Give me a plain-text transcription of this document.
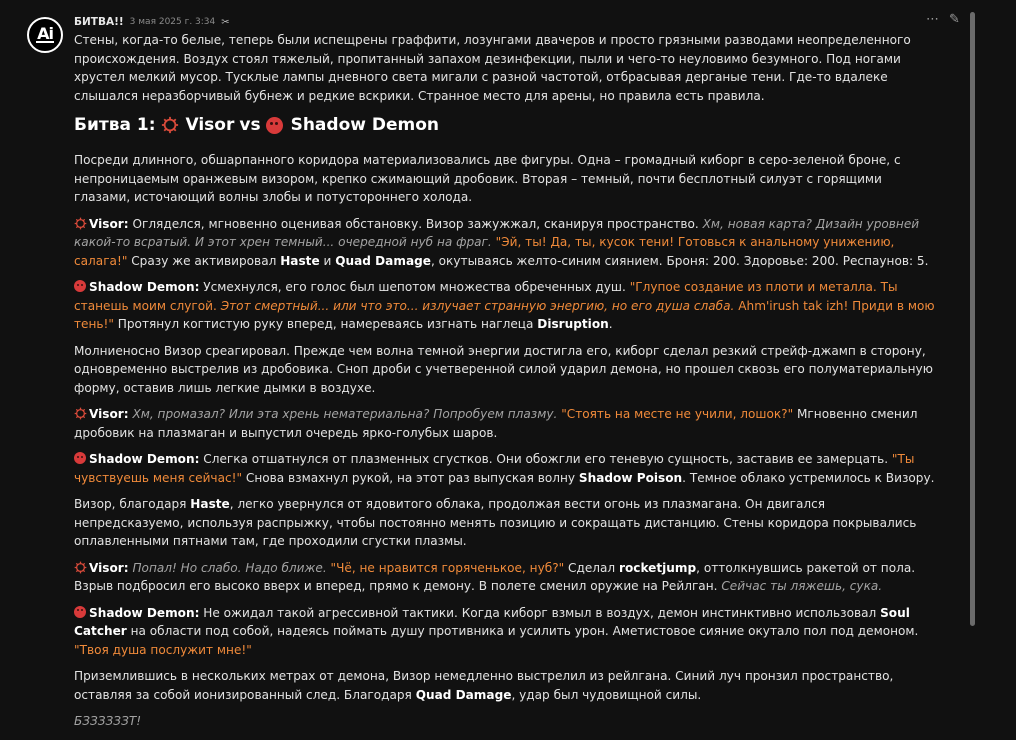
Ai
⋯ ✎
БИТВА!! 3 мая 2025 г. 3:34 ✂

Стены, когда-то белые, теперь были испещрены граффити, лозунгами двачеров и просто грязными разводами неопределенного происхождения. Воздух стоял тяжелый, пропитанный запахом дезинфекции, пыли и чего-то неуловимо безумного. Под ногами хрустел мелкий мусор. Тусклые лампы дневного света мигали с разной частотой, отбрасывая дерганые тени. Где-то вдалеке слышался неразборчивый бубнеж и редкие вскрики. Странное место для арены, но правила есть правила.

Битва 1: Visor vs Shadow Demon

Посреди длинного, обшарпанного коридора материализовались две фигуры. Одна – громадный киборг в серо-зеленой броне, с непроницаемым оранжевым визором, крепко сжимающий дробовик. Вторая – темный, почти бесплотный силуэт с горящими глазами, источающий волны злобы и потустороннего холода.

Visor: Огляделся, мгновенно оценивая обстановку. Визор зажужжал, сканируя пространство. Хм, новая карта? Дизайн уровней какой-то всратый. И этот хрен темный... очередной нуб на фраг. "Эй, ты! Да, ты, кусок тени! Готовься к анальному унижению, салага!" Сразу же активировал Haste и Quad Damage, окутываясь желто-синим сиянием. Броня: 200. Здоровье: 200. Респаунов: 5.

Shadow Demon: Усмехнулся, его голос был шепотом множества обреченных душ. "Глупое создание из плоти и металла. Ты станешь моим слугой. Этот смертный... или что это... излучает странную энергию, но его душа слаба. Ahm'irush tak izh! Приди в мою тень!" Протянул когтистую руку вперед, намереваясь изгнать наглеца Disruption.

Молниеносно Визор среагировал. Прежде чем волна темной энергии достигла его, киборг сделал резкий стрейф-джамп в сторону, одновременно выстрелив из дробовика. Сноп дроби с учетверенной силой ударил демона, но прошел сквозь его полуматериальную форму, оставив лишь легкие дымки в воздухе.

Visor: Хм, промазал? Или эта хрень нематериальна? Попробуем плазму. "Стоять на месте не учили, лошок?" Мгновенно сменил дробовик на плазмаган и выпустил очередь ярко-голубых шаров.

Shadow Demon: Слегка отшатнулся от плазменных сгустков. Они обожгли его теневую сущность, заставив ее замерцать. "Ты чувствуешь меня сейчас!" Снова взмахнул рукой, на этот раз выпуская волну Shadow Poison. Темное облако устремилось к Визору.

Визор, благодаря Haste, легко увернулся от ядовитого облака, продолжая вести огонь из плазмагана. Он двигался непредсказуемо, используя распрыжку, чтобы постоянно менять позицию и сокращать дистанцию. Стены коридора покрывались оплавленными пятнами там, где проходили сгустки плазмы.

Visor: Попал! Но слабо. Надо ближе. "Чё, не нравится горяченькое, нуб?" Сделал rocketjump, оттолкнувшись ракетой от пола. Взрыв подбросил его высоко вверх и вперед, прямо к демону. В полете сменил оружие на Рейлган. Сейчас ты ляжешь, сука.

Shadow Demon: Не ожидал такой агрессивной тактики. Когда киборг взмыл в воздух, демон инстинктивно использовал Soul Catcher на области под собой, надеясь поймать душу противника и усилить урон. Аметистовое сияние окутало пол под демоном. "Твоя душа послужит мне!"

Приземлившись в нескольких метрах от демона, Визор немедленно выстрелил из рейлгана. Синий луч пронзил пространство, оставляя за собой ионизированный след. Благодаря Quad Damage, удар был чудовищной силы.

БЗЗЗЗЗЗТ!
